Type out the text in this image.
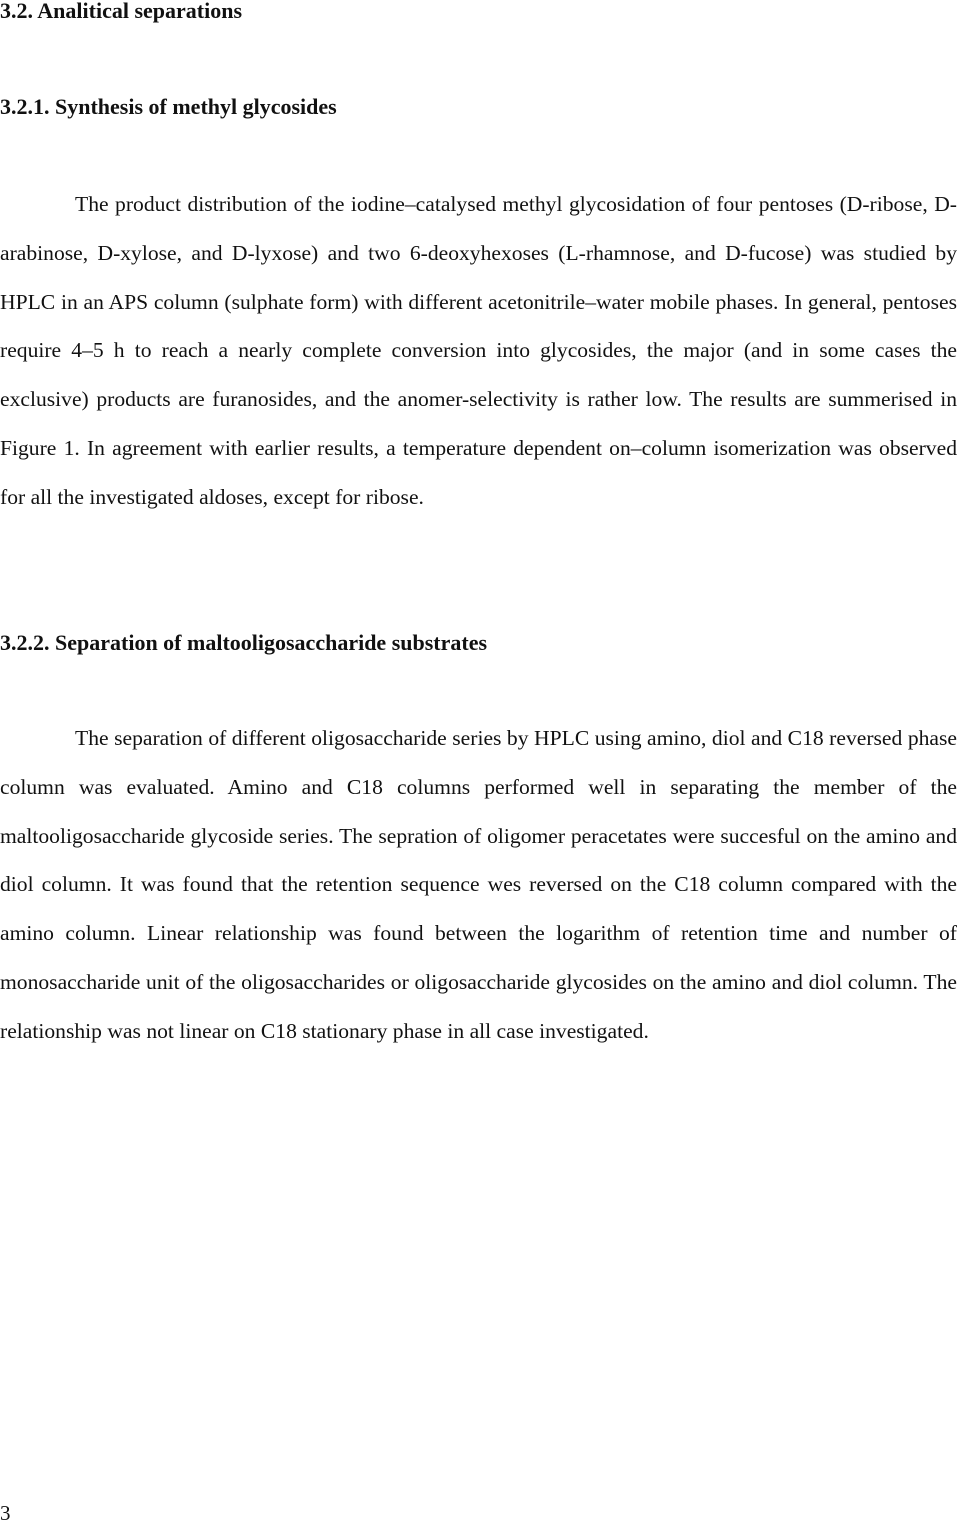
3.2. Analitical separations
3.2.1. Synthesis of methyl glycosides

The product distribution of the iodine–catalysed methyl glycosidation of four pentoses (D-ribose, D-arabinose, D-xylose, and D-lyxose) and two 6-deoxyhexoses (L-rhamnose, and D-fucose) was studied by HPLC in an APS column (sulphate form) with different acetonitrile–water mobile phases. In general, pentoses require 4–5 h to reach a nearly complete conversion into glycosides, the major (and in some cases the exclusive) products are furanosides, and the anomer-selectivity is rather low. The results are summerised in Figure 1. In agreement with earlier results, a temperature dependent on–column isomerization was observed for all the investigated aldoses, except for ribose.

3.2.2. Separation of maltooligosaccharide substrates

The separation of different oligosaccharide series by HPLC using amino, diol and C18 reversed phase column was evaluated. Amino and C18 columns performed well in separating the member of the maltooligosaccharide glycoside series. The sepration of oligomer peracetates were succesful on the amino and diol column. It was found that the retention sequence wes reversed on the C18 column compared with the amino column. Linear relationship was found between the logarithm of retention time and number of monosaccharide unit of the oligosaccharides or oligosaccharide glycosides on the amino and diol column. The relationship was not linear on C18 stationary phase in all case investigated.

3
